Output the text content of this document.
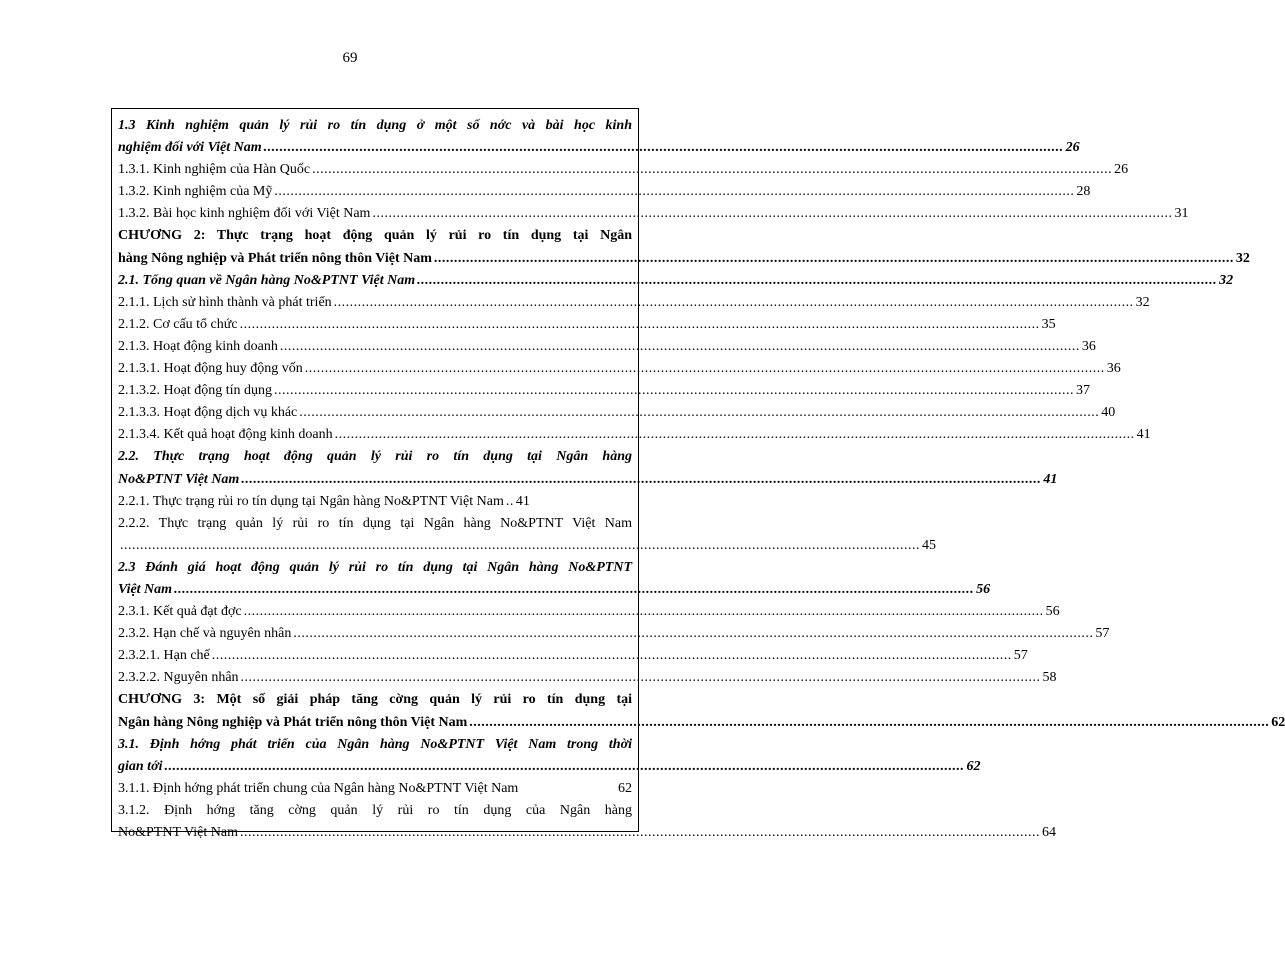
69
1.3 Kinh nghiệm quản lý rủi ro tín dụng ở một số nớc và bài học kinh
nghiệm đối với Việt Nam ........................................................................................................................................................................................................ 26
1.3.1. Kinh nghiệm của Hàn Quốc ........................................................................................................................................................................................................ 26
1.3.2. Kinh nghiệm của Mỹ ........................................................................................................................................................................................................ 28
1.3.2. Bài học kinh nghiệm đối với Việt Nam ........................................................................................................................................................................................................ 31
CHƯƠNG 2: Thực trạng hoạt động quản lý rủi ro tín dụng tại Ngân
hàng Nông nghiệp và Phát triển nông thôn Việt Nam ........................................................................................................................................................................................................ 32
2.1. Tổng quan về Ngân hàng No&PTNT Việt Nam ........................................................................................................................................................................................................ 32
2.1.1. Lịch sử hình thành và phát triển ........................................................................................................................................................................................................ 32
2.1.2. Cơ cấu tổ chức ........................................................................................................................................................................................................ 35
2.1.3. Hoạt động kinh doanh ........................................................................................................................................................................................................ 36
2.1.3.1. Hoạt động huy động vốn ........................................................................................................................................................................................................ 36
2.1.3.2. Hoạt động tín dụng ........................................................................................................................................................................................................ 37
2.1.3.3. Hoạt động dịch vụ khác ........................................................................................................................................................................................................ 40
2.1.3.4. Kết quả hoạt động kinh doanh ........................................................................................................................................................................................................ 41
2.2. Thực trạng hoạt động quản lý rủi ro tín dụng tại Ngân hàng
No&PTNT Việt Nam ........................................................................................................................................................................................................ 41
2.2.1. Thực trạng rủi ro tín dụng tại Ngân hàng No&PTNT Việt Nam .. 41
2.2.2. Thực trạng quản lý rủi ro tín dụng tại Ngân hàng No&PTNT Việt Nam
........................................................................................................................................................................................................ 45
2.3 Đánh giá hoạt động quản lý rủi ro tín dụng tại Ngân hàng No&PTNT
Việt Nam ........................................................................................................................................................................................................ 56
2.3.1. Kết quả đạt đợc ........................................................................................................................................................................................................ 56
2.3.2. Hạn chế và nguyên nhân ........................................................................................................................................................................................................ 57
2.3.2.1. Hạn chế ........................................................................................................................................................................................................ 57
2.3.2.2. Nguyên nhân ........................................................................................................................................................................................................ 58
CHƯƠNG 3: Một số giải pháp tăng cờng quản lý rủi ro tín dụng tại
Ngân hàng Nông nghiệp và Phát triển nông thôn Việt Nam ........................................................................................................................................................................................................ 62
3.1. Định hớng phát triển của Ngân hàng No&PTNT Việt Nam trong thời
gian tới ........................................................................................................................................................................................................ 62
3.1.1. Định hớng phát triển chung của Ngân hàng No&PTNT Việt Nam	62
3.1.2. Định hớng tăng cờng quản lý rủi ro tín dụng của Ngân hàng
No&PTNT Việt Nam ........................................................................................................................................................................................................ 64
